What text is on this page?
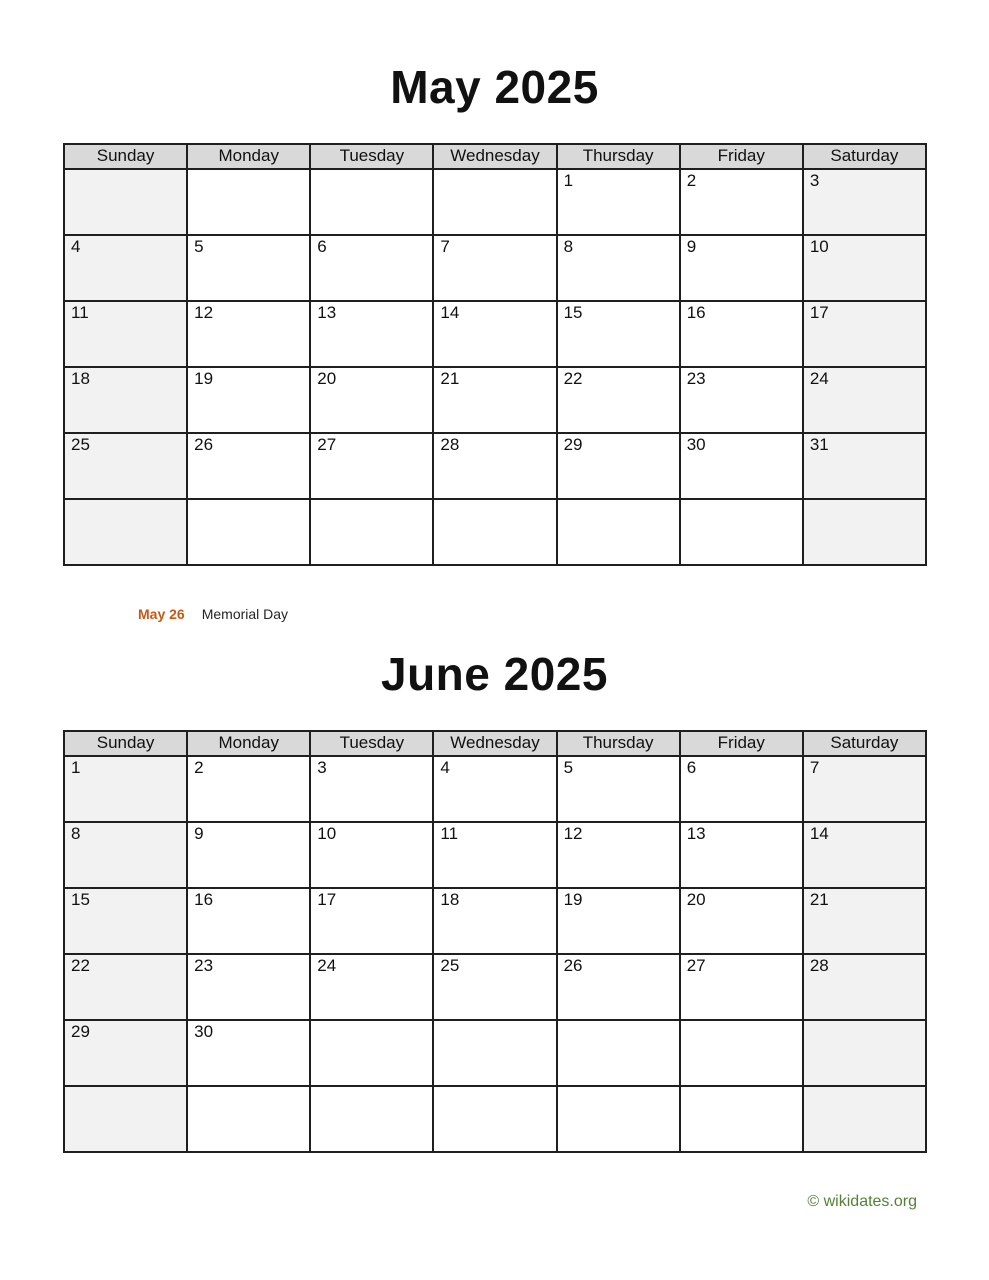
May 2025
Sunday	Monday	Tuesday	Wednesday	Thursday	Friday	Saturday
				1	2	3
4	5	6	7	8	9	10
11	12	13	14	15	16	17
18	19	20	21	22	23	24
25	26	27	28	29	30	31

May 26 Memorial Day
June 2025
Sunday	Monday	Tuesday	Wednesday	Thursday	Friday	Saturday
1	2	3	4	5	6	7
8	9	10	11	12	13	14
15	16	17	18	19	20	21
22	23	24	25	26	27	28
29	30					

© wikidates.org
